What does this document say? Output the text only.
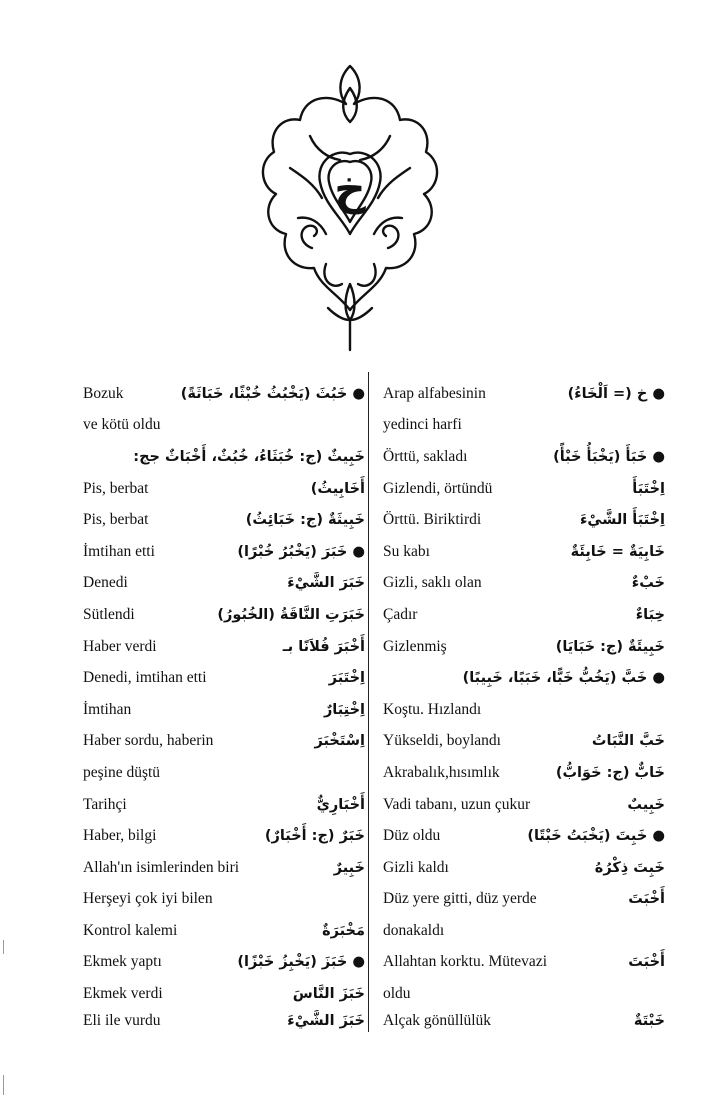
خ
Bozuk	● خَبُثَ (يَخْبُثُ خُبْثًا، خَبَاثَةً)
ve kötü oldu
خَبِيثٌ (ج: خُبَثَاءُ، خُبُثٌ، أَخْبَاثٌ جج:
Pis, berbat	أَخَابِيثُ)
Pis, berbat	خَبِيثَةٌ (ج: خَبَائِثُ)
İmtihan etti	● خَبَرَ (يَخْبُرُ خُبْرًا)
Denedi	خَبَرَ الشَّيْءَ
Sütlendi	خَبَرَتِ النَّاقَةُ (الخُبُورُ)
Haber verdi	أَخْبَرَ فُلاَنًا بـ
Denedi, imtihan etti	اِخْتَبَرَ
İmtihan	اِخْتِبَارٌ
Haber sordu, haberin	اِسْتَخْبَرَ
peşine düştü
Tarihçi	أَخْبَارِيٌّ
Haber, bilgi	خَبَرٌ (ج: أَخْبَارٌ)
Allah'ın isimlerinden biri	خَبِيرٌ
Herşeyi çok iyi bilen
Kontrol kalemi	مَخْبَرَةٌ
Ekmek yaptı	● خَبَزَ (يَخْبِزُ خَبْزًا)
Ekmek verdi	خَبَزَ النَّاسَ
Eli ile vurdu	خَبَزَ الشَّيْءَ
Arap alfabesinin	● خ (= اَلْخَاءُ)
yedinci harfi
Örttü, sakladı	● خَبَأَ (يَخْبَأُ خَبْأً)
Gizlendi, örtündü	اِخْتَبَأَ
Örttü. Biriktirdi	اِخْتَبَأَ الشَّيْءَ
Su kabı	خَابِيَةٌ = خَابِئَةٌ
Gizli, saklı olan	خَبْءٌ
Çadır	خِبَاءٌ
Gizlenmiş	خَبِيئَةٌ (ج: خَبَايَا)
● خَبَّ (يَخُبُّ خَبًّا، خَبَبًا، خَبِيبًا)
Koştu. Hızlandı
Yükseldi, boylandı	خَبَّ النَّبَاتُ
Akrabalık,hısımlık	خَابٌّ (ج: خَوَابُّ)
Vadi tabanı, uzun çukur	خَبِيبٌ
Düz oldu	● خَبِتَ (يَخْبَتُ خَبْتًا)
Gizli kaldı	خَبِتَ ذِكْرُهُ
Düz yere gitti, düz yerde	أَخْبَتَ
donakaldı
Allahtan korktu. Mütevazi	أَخْبَتَ
oldu
Alçak gönüllülük	خَبْتَةٌ
